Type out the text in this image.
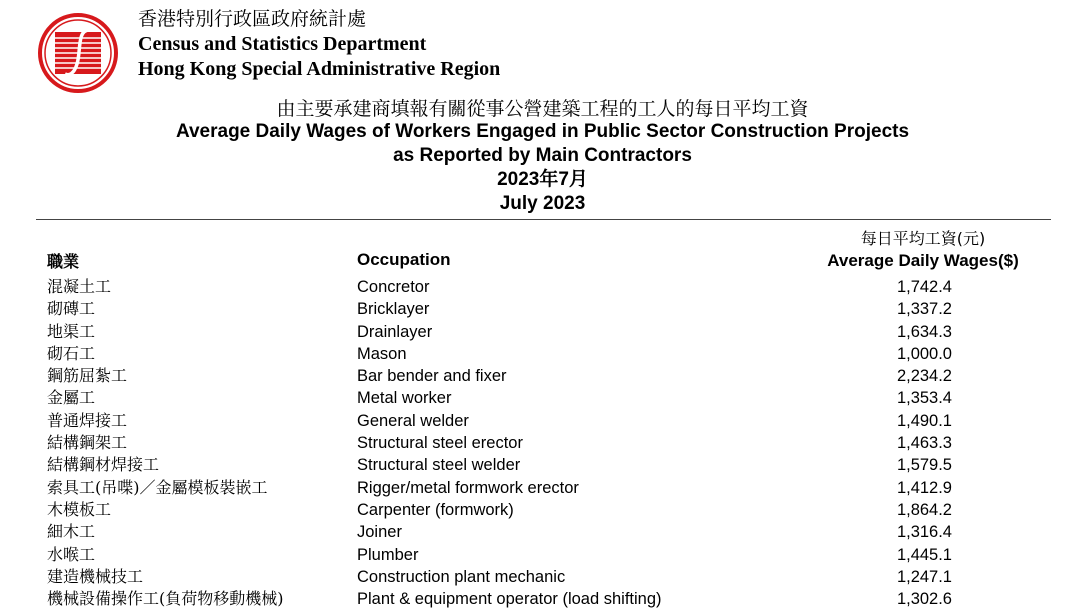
香港特別行政區政府統計處
Census and Statistics Department
Hong Kong Special Administrative Region
由主要承建商填報有關從事公營建築工程的工人的每日平均工資
Average Daily Wages of Workers Engaged in Public Sector Construction Projects
as Reported by Main Contractors
2023年7月
July 2023
職業	Occupation
每日平均工資(元)
Average Daily Wages($)
混凝土工	Concretor	1,742.4
砌磚工	Bricklayer	1,337.2
地渠工	Drainlayer	1,634.3
砌石工	Mason	1,000.0
鋼筋屈紮工	Bar bender and fixer	2,234.2
金屬工	Metal worker	1,353.4
普通焊接工	General welder	1,490.1
結構鋼架工	Structural steel erector	1,463.3
結構鋼材焊接工	Structural steel welder	1,579.5
索具工(吊喋)／金屬模板裝嵌工	Rigger/metal formwork erector	1,412.9
木模板工	Carpenter (formwork)	1,864.2
細木工	Joiner	1,316.4
水喉工	Plumber	1,445.1
建造機械技工	Construction plant mechanic	1,247.1
機械設備操作工(負荷物移動機械)	Plant & equipment operator (load shifting)	1,302.6
